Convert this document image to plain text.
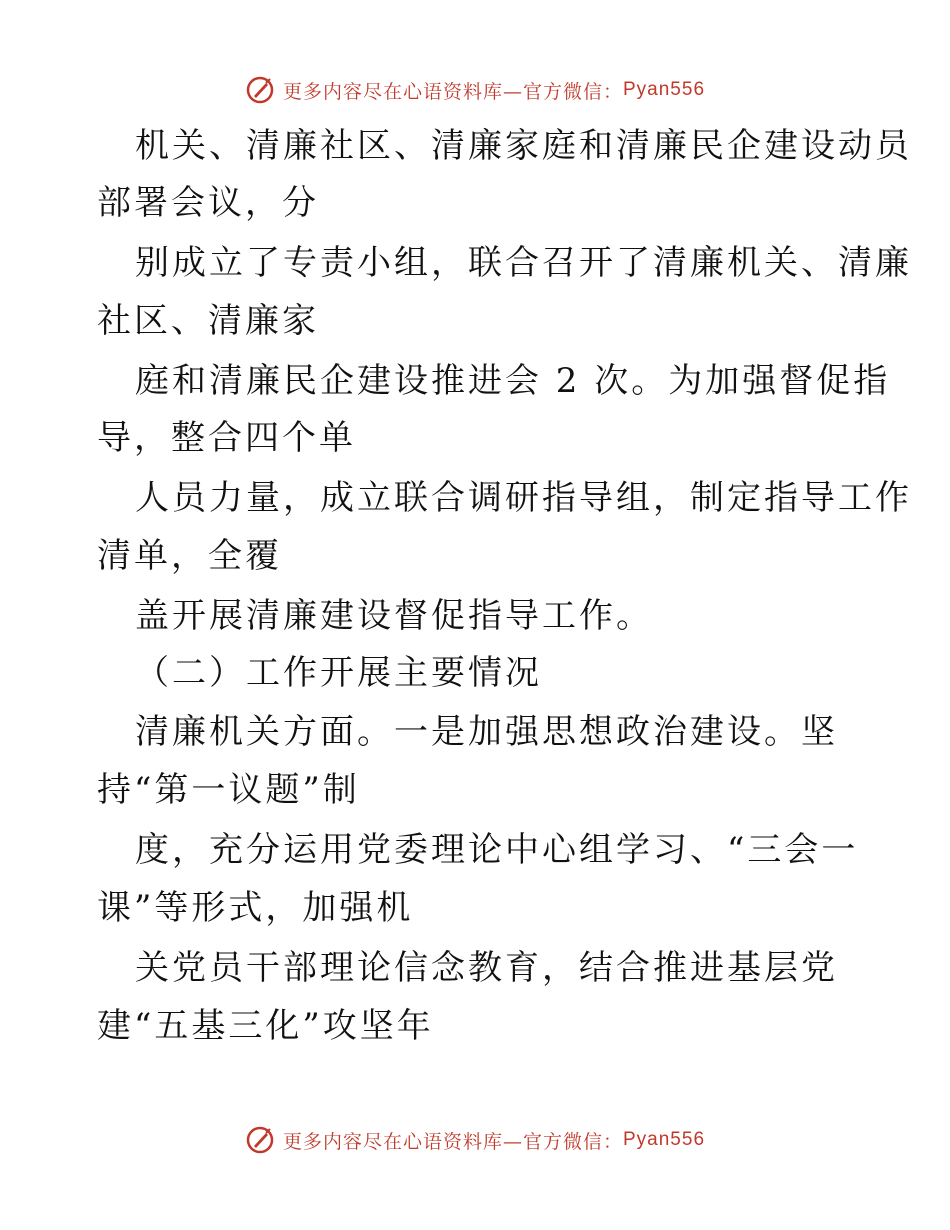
更多内容尽在心语资料库—官方微信： Pyan556
机关、清廉社区、清廉家庭和清廉民企建设动员
部署会议，分
别成立了专责小组，联合召开了清廉机关、清廉
社区、清廉家
庭和清廉民企建设推进会 2 次。为加强督促指
导，整合四个单
人员力量，成立联合调研指导组，制定指导工作
清单，全覆
盖开展清廉建设督促指导工作。
（二）工作开展主要情况
清廉机关方面。一是加强思想政治建设。坚
持“第一议题”制
度，充分运用党委理论中心组学习、“三会一
课”等形式，加强机
关党员干部理论信念教育，结合推进基层党
建“五基三化”攻坚年
更多内容尽在心语资料库—官方微信： Pyan556
